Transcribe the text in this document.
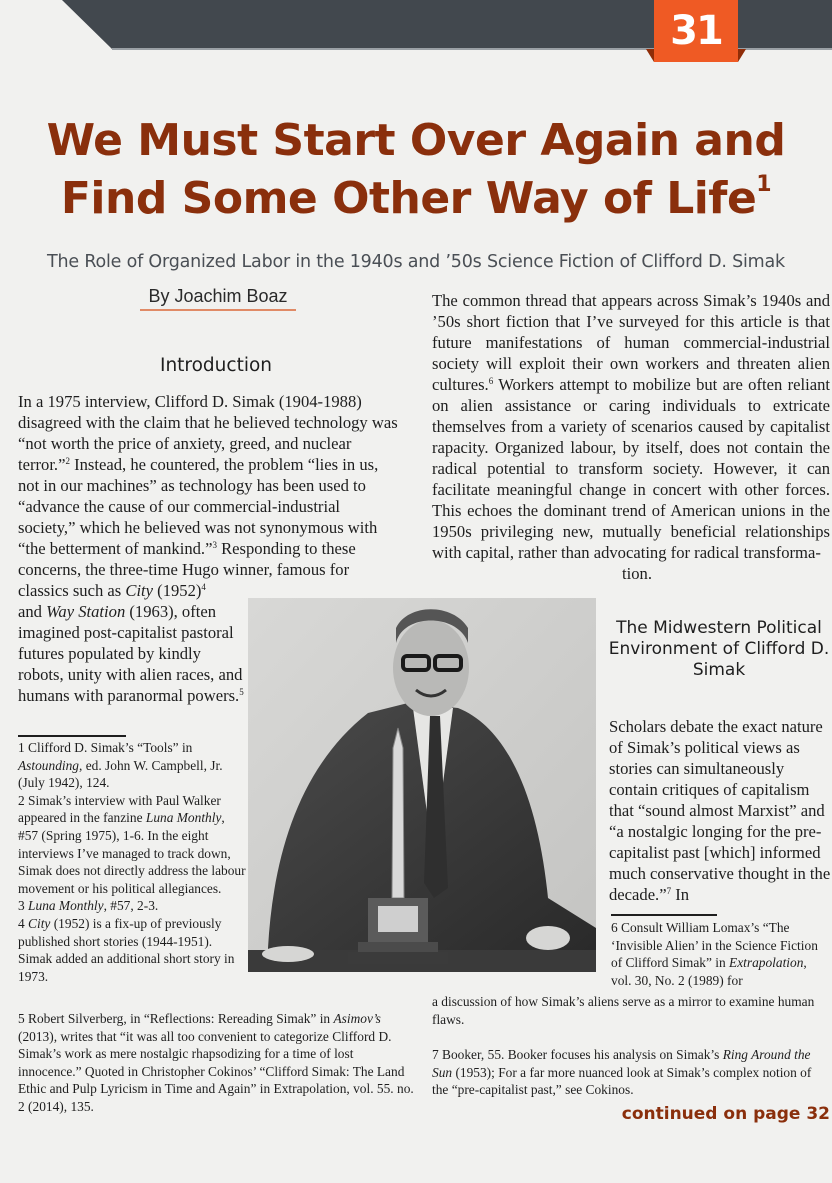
31
We Must Start Over Again and
Find Some Other Way of Life$^1$
The Role of Organized Labor in the 1940s and ’50s Science Fiction of Clifford D. Simak
By Joachim Boaz
Introduction
In a 1975 interview, Clifford D. Simak (1904-1988) disagreed with the claim that he believed technology was “not worth the price of anxiety, greed, and nuclear terror.”$^2$ Instead, he countered, the problem “lies in us, not in our machines” as technology has been used to “advance the cause of our commercial-industrial society,” which he believed was not synonymous with “the betterment of mankind.”$^3$ Responding to these concerns, the three-time Hugo winner, famous for classics such as City $(1952)^4$
and Way Station (1963), often imagined post-capitalist pastoral futures populated by kindly robots, unity with alien races, and humans with paranormal powers.$^5$

1 Clifford D. Simak’s “Tools” in Astounding, ed. John W. Campbell, Jr. (July 1942), 124.

2 Simak’s interview with Paul Walker appeared in the fanzine Luna Monthly, #57 (Spring 1975), 1-6. In the eight interviews I’ve managed to track down, Simak does not directly address the labour movement or his political allegiances.

3 Luna Monthly, #57, 2-3.

4 City (1952) is a fix-up of previously published short stories (1944-1951). Simak added an additional short story in 1973.

5 Robert Silverberg, in “Reflections: Rereading Simak” in Asimov’s (2013), writes that “it was all too convenient to categorize Clifford D. Simak’s work as mere nostalgic rhapsodizing for a time of lost innocence.” Quoted in Christopher Cokinos’ “Clifford Simak: The Land Ethic and Pulp Lyricism in Time and Again” in Extrapolation, vol. 55. no. 2 (2014), 135.

The common thread that appears across Simak’s 1940s and ’50s short fiction that I’ve surveyed for this article is that future manifestations of human commercial-industrial society will exploit their own workers and threaten alien cultures.$^6$ Workers attempt to mobilize but are often reliant on alien assistance or caring individuals to extricate themselves from a variety of scenarios caused by capitalist rapacity. Organized labour, by itself, does not contain the radical potential to transform society. However, it can facilitate meaningful change in concert with other forces. This echoes the dominant trend of American unions in the 1950s privileging new, mutually beneficial relationships with capital, rather than advocating for radical transforma-
tion.
The Midwestern Political Environment of Clifford D. Simak
Scholars debate the exact nature of Simak’s political views as stories can simultaneously contain critiques of capitalism that “sound almost Marxist” and “a nostalgic longing for the pre-capitalist past [which] informed much conservative thought in the decade.”$^7$ In

6 Consult William Lomax’s “The ‘Invisible Alien’ in the Science Fiction of Clifford Simak” in Extrapolation, vol. 30, No. 2 (1989) for

a discussion of how Simak’s aliens serve as a mirror to examine human flaws.

7 Booker, 55. Booker focuses his analysis on Simak’s Ring Around the Sun (1953); For a far more nuanced look at Simak’s complex notion of the “pre-capitalist past,” see Cokinos.

continued on page 32
